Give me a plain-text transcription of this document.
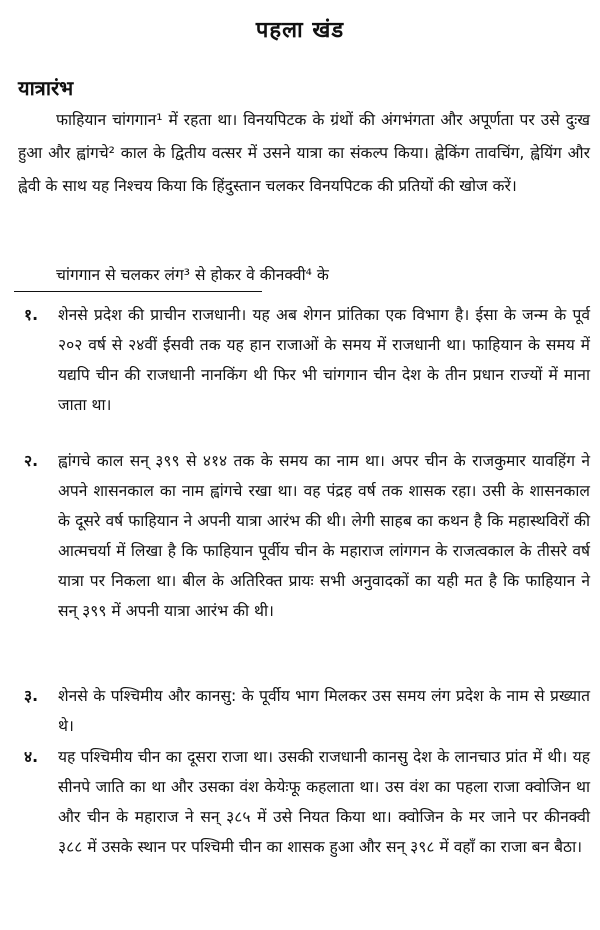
पहला खंड
यात्रारंभ

फाहियान चांगगान¹ में रहता था। विनयपिटक के ग्रंथों की अंगभंगता और अपूर्णता पर उसे दुःख हुआ और ह्वांगचे² काल के द्वितीय वत्सर में उसने यात्रा का संकल्प किया। ह्वेकिंग तावचिंग, ह्वेयिंग और ह्वेवी के साथ यह निश्चय किया कि हिंदुस्तान चलकर विनयपिटक की प्रतियों की खोज करें।

चांगगान से चलकर लंग³ से होकर वे कीनक्वी⁴ के

१.	शेनसे प्रदेश की प्राचीन राजधानी। यह अब शेगन प्रांतिका एक विभाग है। ईसा के जन्म के पूर्व २०२ वर्ष से २४वीं ईसवी तक यह हान राजाओं के समय में राजधानी था। फाहियान के समय में यद्यपि चीन की राजधानी नानकिंग थी फिर भी चांगगान चीन देश के तीन प्रधान राज्यों में माना जाता था।
२.	ह्वांगचे काल सन् ३९९ से ४१४ तक के समय का नाम था। अपर चीन के राजकुमार यावहिंग ने अपने शासनकाल का नाम ह्वांगचे रखा था। वह पंद्रह वर्ष तक शासक रहा। उसी के शासनकाल के दूसरे वर्ष फाहियान ने अपनी यात्रा आरंभ की थी। लेगी साहब का कथन है कि महास्थविरों की आत्मचर्या में लिखा है कि फाहियान पूर्वीय चीन के महाराज लांगगन के राजत्वकाल के तीसरे वर्ष यात्रा पर निकला था। बील के अतिरिक्त प्रायः सभी अनुवादकों का यही मत है कि फाहियान ने सन् ३९९ में अपनी यात्रा आरंभ की थी।
३.	शेनसे के पश्चिमीय और कानसु: के पूर्वीय भाग मिलकर उस समय लंग प्रदेश के नाम से प्रख्यात थे।
४.	यह पश्चिमीय चीन का दूसरा राजा था। उसकी राजधानी कानसु देश के लानचाउ प्रांत में थी। यह सीनपे जाति का था और उसका वंश केयेःफू कहलाता था। उस वंश का पहला राजा क्वोजिन था और चीन के महाराज ने सन् ३८५ में उसे नियत किया था। क्वोजिन के मर जाने पर कीनक्वी ३८८ में उसके स्थान पर पश्चिमी चीन का शासक हुआ और सन् ३९८ में वहाँ का राजा बन बैठा।
